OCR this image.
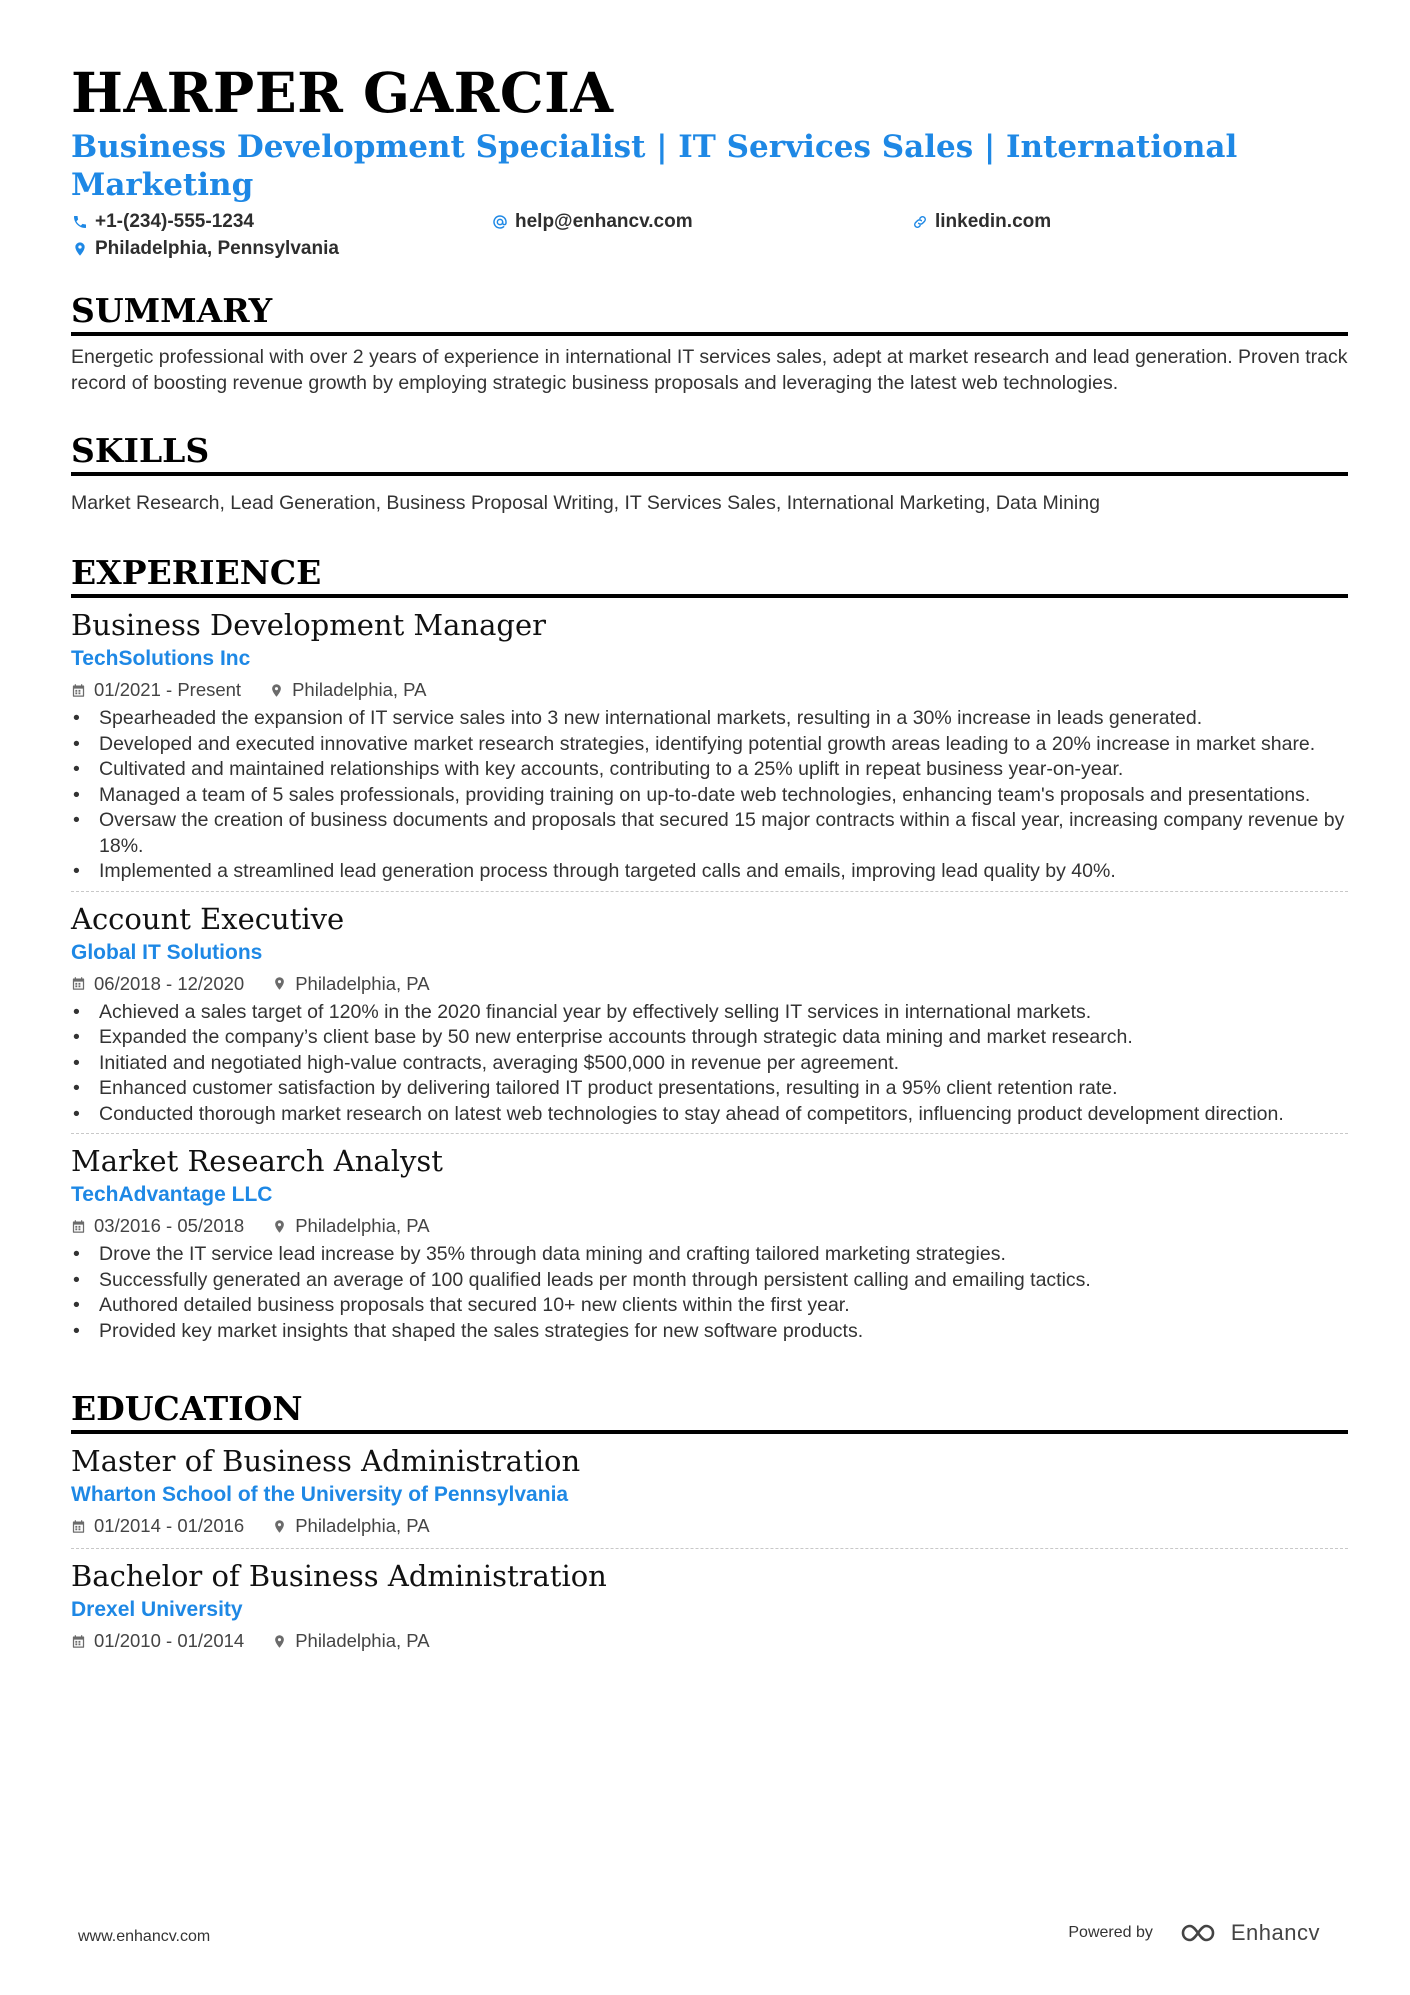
HARPER GARCIA
Business Development Specialist | IT Services Sales | International Marketing
+1-(234)-555-1234	help@enhancv.com	linkedin.com
Philadelphia, Pennsylvania
SUMMARY

Energetic professional with over 2 years of experience in international IT services sales, adept at market research and lead generation. Proven track record of boosting revenue growth by employing strategic business proposals and leveraging the latest web technologies.

SKILLS

Market Research, Lead Generation, Business Proposal Writing, IT Services Sales, International Marketing, Data Mining

EXPERIENCE
Business Development Manager
TechSolutions Inc
01/2021 - Present	Philadelphia, PA
• Spearheaded the expansion of IT service sales into 3 new international markets, resulting in a 30% increase in leads generated.
• Developed and executed innovative market research strategies, identifying potential growth areas leading to a 20% increase in market share.
• Cultivated and maintained relationships with key accounts, contributing to a 25% uplift in repeat business year-on-year.
• Managed a team of 5 sales professionals, providing training on up-to-date web technologies, enhancing team's proposals and presentations.
• Oversaw the creation of business documents and proposals that secured 15 major contracts within a fiscal year, increasing company revenue by 18%.
• Implemented a streamlined lead generation process through targeted calls and emails, improving lead quality by 40%.
Account Executive
Global IT Solutions
06/2018 - 12/2020	Philadelphia, PA
• Achieved a sales target of 120% in the 2020 financial year by effectively selling IT services in international markets.
• Expanded the company’s client base by 50 new enterprise accounts through strategic data mining and market research.
• Initiated and negotiated high-value contracts, averaging $500,000 in revenue per agreement.
• Enhanced customer satisfaction by delivering tailored IT product presentations, resulting in a 95% client retention rate.
• Conducted thorough market research on latest web technologies to stay ahead of competitors, influencing product development direction.
Market Research Analyst
TechAdvantage LLC
03/2016 - 05/2018	Philadelphia, PA
• Drove the IT service lead increase by 35% through data mining and crafting tailored marketing strategies.
• Successfully generated an average of 100 qualified leads per month through persistent calling and emailing tactics.
• Authored detailed business proposals that secured 10+ new clients within the first year.
• Provided key market insights that shaped the sales strategies for new software products.
EDUCATION
Master of Business Administration
Wharton School of the University of Pennsylvania
01/2014 - 01/2016	Philadelphia, PA
Bachelor of Business Administration
Drexel University
01/2010 - 01/2014	Philadelphia, PA
www.enhancv.com	Powered by	Enhancv
